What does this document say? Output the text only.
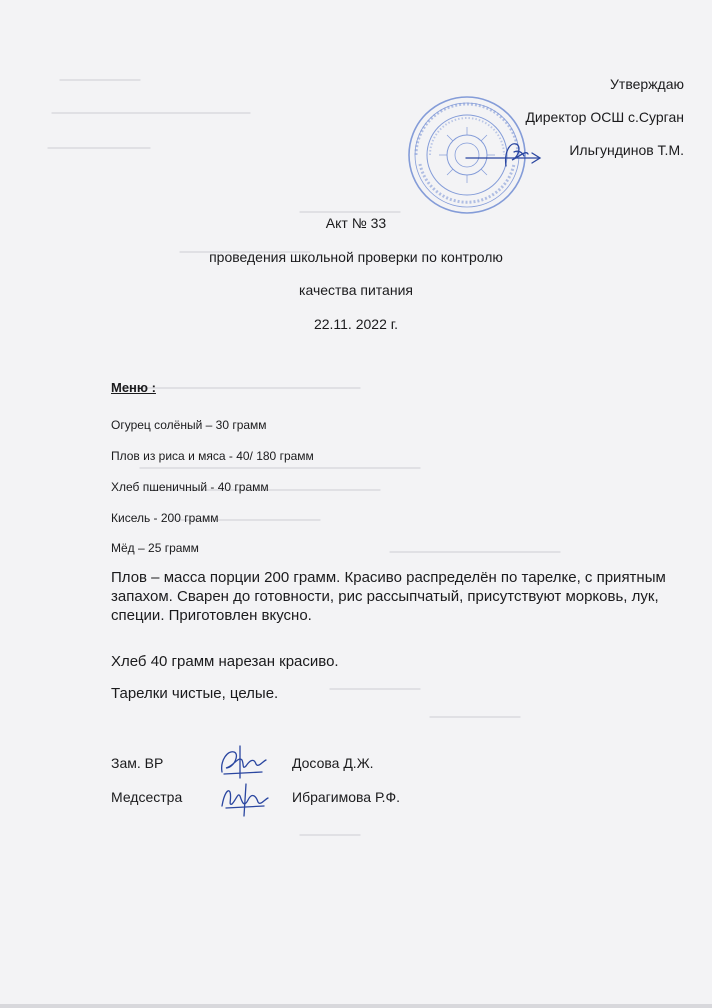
Утверждаю
Директор ОСШ с.Сурган
Ильгундинов Т.М.
Акт № 33
проведения школьной проверки по контролю
качества питания
22.11. 2022 г.
Меню :
Огурец солёный – 30 грамм
Плов из риса и мяса - 40/ 180 грамм
Хлеб пшеничный - 40 грамм
Кисель - 200 грамм
Мёд – 25 грамм
Плов – масса порции 200 грамм. Красиво распределён по тарелке, с приятным запахом. Сварен до готовности, рис рассыпчатый, присутствуют морковь, лук, специи. Приготовлен вкусно.
Хлеб 40 грамм нарезан красиво.
Тарелки чистые, целые.
Зам. ВР	Досова Д.Ж.
Медсестра	Ибрагимова Р.Ф.
